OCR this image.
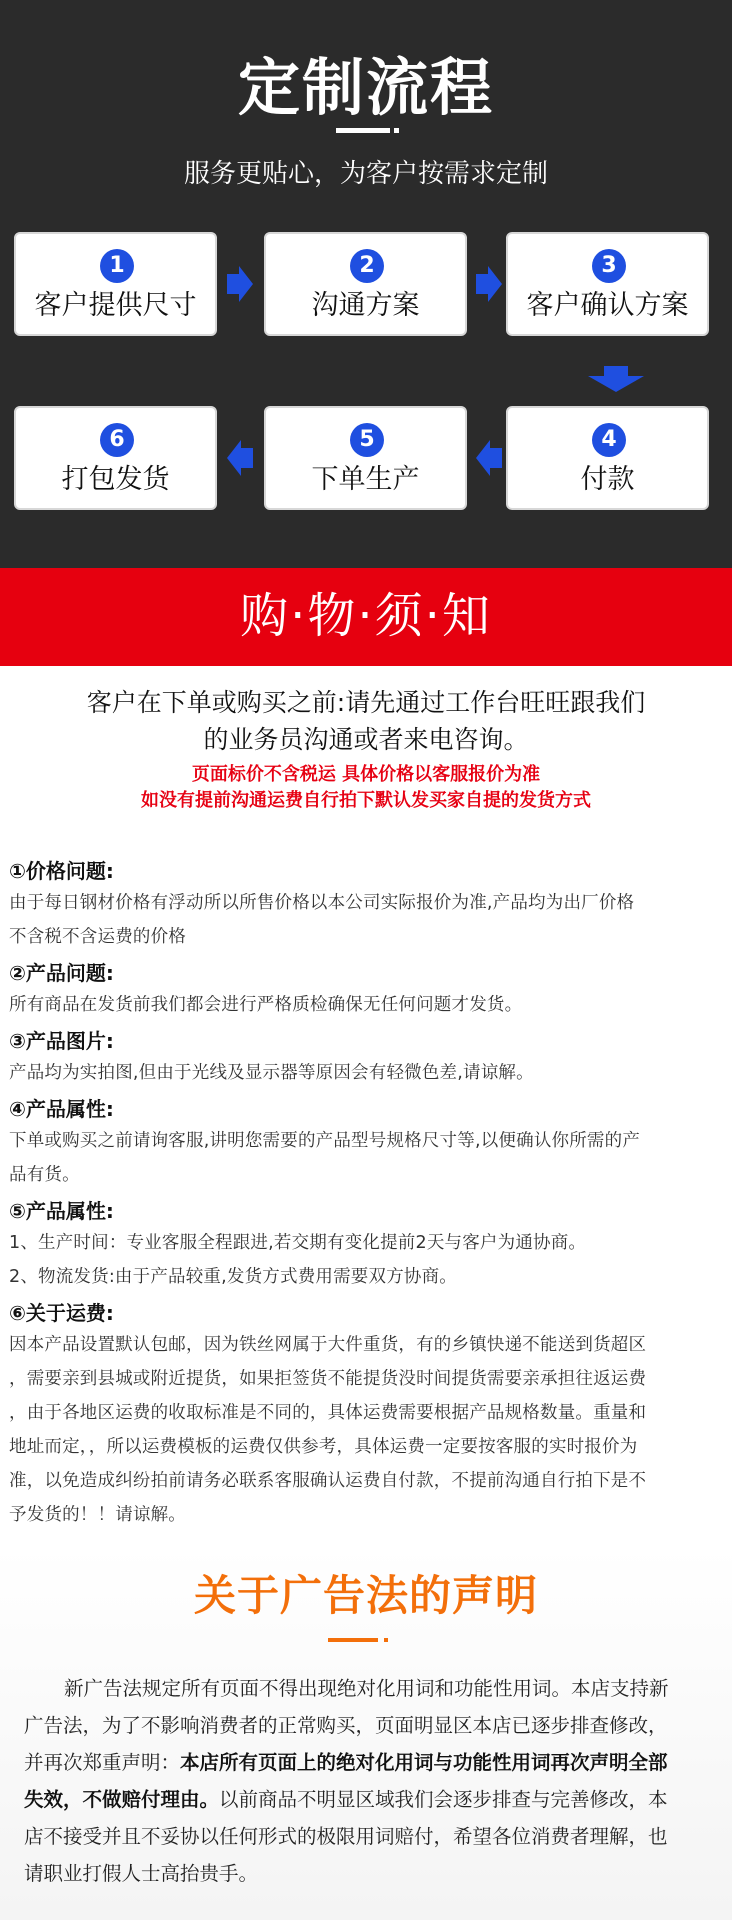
定制流程
服务更贴心，为客户按需求定制
1
客户提供尺寸
2
沟通方案
3
客户确认方案
6
打包发货
5
下单生产
4
付款
购·物·须·知
客户在下单或购买之前:请先通过工作台旺旺跟我们
的业务员沟通或者来电咨询。
页面标价不含税运 具体价格以客服报价为准
如没有提前沟通运费自行拍下默认发买家自提的发货方式
①价格问题:
由于每日钢材价格有浮动所以所售价格以本公司实际报价为准,产品均为出厂价格
不含税不含运费的价格
②产品问题:
所有商品在发货前我们都会进行严格质检确保无任何问题才发货。
③产品图片:
产品均为实拍图,但由于光线及显示器等原因会有轻微色差,请谅解。
④产品属性:
下单或购买之前请询客服,讲明您需要的产品型号规格尺寸等,以便确认你所需的产
品有货。
⑤产品属性:
1、生产时间：专业客服全程跟进,若交期有变化提前2天与客户为通协商。
2、物流发货:由于产品较重,发货方式费用需要双方协商。
⑥关于运费:
因本产品设置默认包邮，因为铁丝网属于大件重货，有的乡镇快递不能送到货超区
，需要亲到县城或附近提货，如果拒签货不能提货没时间提货需要亲承担往返运费
，由于各地区运费的收取标准是不同的，具体运费需要根据产品规格数量。重量和
地址而定，，所以运费模板的运费仅供参考，具体运费一定要按客服的实时报价为
准，以免造成纠纷拍前请务必联系客服确认运费自付款，不提前沟通自行拍下是不
予发货的！！请谅解。
关于广告法的声明
新广告法规定所有页面不得出现绝对化用词和功能性用词。本店支持新广告法，为了不影响消费者的正常购买，页面明显区本店已逐步排查修改，并再次郑重声明：本店所有页面上的绝对化用词与功能性用词再次声明全部失效，不做赔付理由。以前商品不明显区域我们会逐步排查与完善修改，本店不接受并且不妥协以任何形式的极限用词赔付，希望各位消费者理解，也请职业打假人士高抬贵手。
